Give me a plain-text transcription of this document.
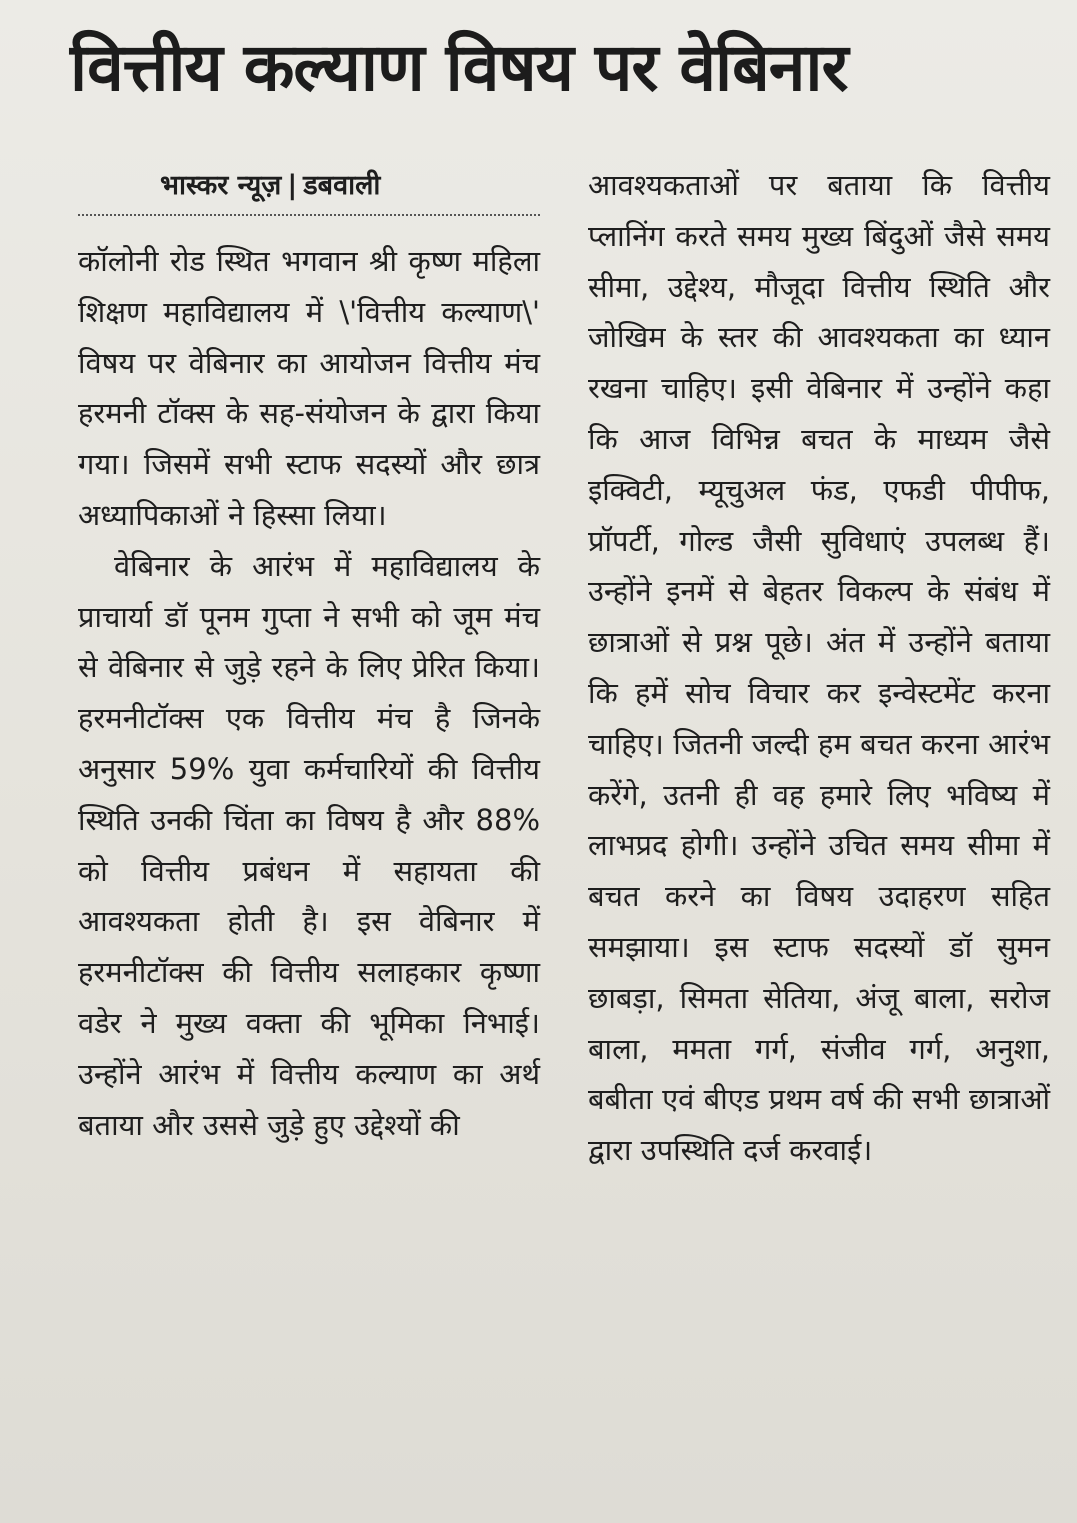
वित्तीय कल्याण विषय पर वेबिनार
भास्कर न्यूज़ | डबवाली

कॉलोनी रोड स्थित भगवान श्री कृष्ण महिला शिक्षण महाविद्यालय में \'वित्तीय कल्याण\' विषय पर वेबिनार का आयोजन वित्तीय मंच हरमनी टॉक्स के सह-संयोजन के द्वारा किया गया। जिसमें सभी स्टाफ सदस्यों और छात्र अध्यापिकाओं ने हिस्सा लिया।

वेबिनार के आरंभ में महाविद्यालय के प्राचार्या डॉ पूनम गुप्ता ने सभी को जूम मंच से वेबिनार से जुड़े रहने के लिए प्रेरित किया। हरमनीटॉक्स एक वित्तीय मंच है जिनके अनुसार 59% युवा कर्मचारियों की वित्तीय स्थिति उनकी चिंता का विषय है और 88% को वित्तीय प्रबंधन में सहायता की आवश्यकता होती है। इस वेबिनार में हरमनीटॉक्स की वित्तीय सलाहकार कृष्णा वडेर ने मुख्य वक्ता की भूमिका निभाई। उन्होंने आरंभ में वित्तीय कल्याण का अर्थ बताया और उससे जुड़े हुए उद्देश्यों की

आवश्यकताओं पर बताया कि वित्तीय प्लानिंग करते समय मुख्य बिंदुओं जैसे समय सीमा, उद्देश्य, मौजूदा वित्तीय स्थिति और जोखिम के स्तर की आवश्यकता का ध्यान रखना चाहिए। इसी वेबिनार में उन्होंने कहा कि आज विभिन्न बचत के माध्यम जैसे इक्विटी, म्यूचुअल फंड, एफडी पीपीफ, प्रॉपर्टी, गोल्ड जैसी सुविधाएं उपलब्ध हैं। उन्होंने इनमें से बेहतर विकल्प के संबंध में छात्राओं से प्रश्न पूछे। अंत में उन्होंने बताया कि हमें सोच विचार कर इन्वेस्टमेंट करना चाहिए। जितनी जल्दी हम बचत करना आरंभ करेंगे, उतनी ही वह हमारे लिए भविष्य में लाभप्रद होगी। उन्होंने उचित समय सीमा में बचत करने का विषय उदाहरण सहित समझाया। इस स्टाफ सदस्यों डॉ सुमन छाबड़ा, सिमता सेतिया, अंजू बाला, सरोज बाला, ममता गर्ग, संजीव गर्ग, अनुशा, बबीता एवं बीएड प्रथम वर्ष की सभी छात्राओं द्वारा उपस्थिति दर्ज करवाई।
